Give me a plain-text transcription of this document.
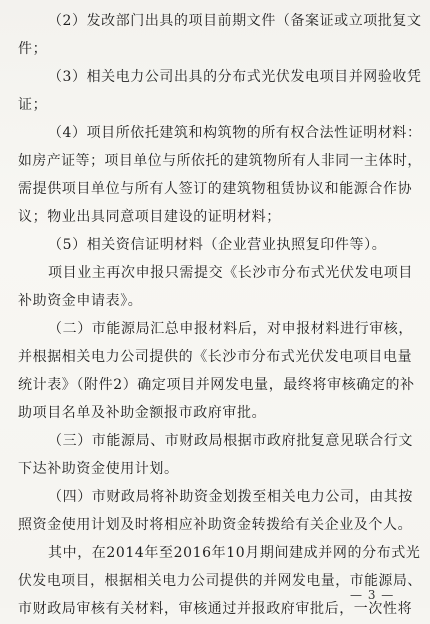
（2）发改部门出具的项目前期文件（备案证或立项批复文
件；
（3）相关电力公司出具的分布式光伏发电项目并网验收凭
证；
（4）项目所依托建筑和构筑物的所有权合法性证明材料：
如房产证等；项目单位与所依托的建筑物所有人非同一主体时，
需提供项目单位与所有人签订的建筑物租赁协议和能源合作协
议；物业出具同意项目建设的证明材料；
（5）相关资信证明材料（企业营业执照复印件等）。
项目业主再次申报只需提交《长沙市分布式光伏发电项目
补助资金申请表》。
（二）市能源局汇总申报材料后，对申报材料进行审核，
并根据相关电力公司提供的《长沙市分布式光伏发电项目电量
统计表》（附件2）确定项目并网发电量，最终将审核确定的补
助项目名单及补助金额报市政府审批。
（三）市能源局、市财政局根据市政府批复意见联合行文
下达补助资金使用计划。
（四）市财政局将补助资金划拨至相关电力公司，由其按
照资金使用计划及时将相应补助资金转拨给有关企业及个人。
其中，在2014年至2016年10月期间建成并网的分布式光
伏发电项目，根据相关电力公司提供的并网发电量，市能源局、
市财政局审核有关材料，审核通过并报政府审批后，一次性将
— 3 —
